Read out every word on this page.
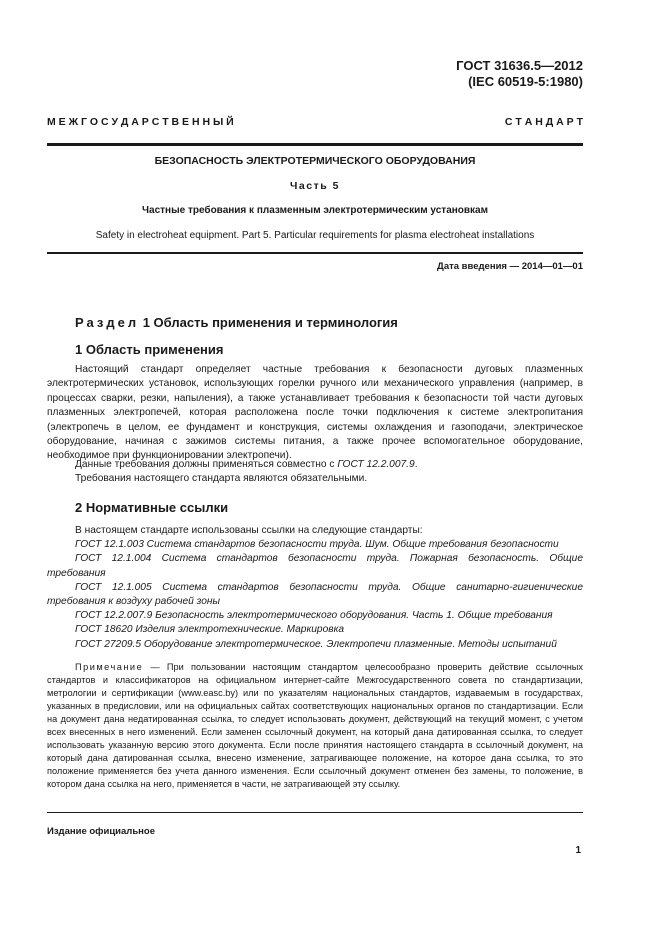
ГОСТ 31636.5—2012
(IEC 60519-5:1980)
М Е Ж Г О С У Д А Р С Т В Е Н Н Ы Й	С Т А Н Д А Р Т
БЕЗОПАСНОСТЬ ЭЛЕКТРОТЕРМИЧЕСКОГО ОБОРУДОВАНИЯ
Часть 5
Частные требования к плазменным электротермическим установкам
Safety in electroheat equipment. Part 5. Particular requirements for plasma electroheat installations
Дата введения — 2014—01—01
Раздел 1 Область применения и терминология
1 Область применения
Настоящий стандарт определяет частные требования к безопасности дуговых плазменных электротермических установок, использующих горелки ручного или механического управления (например, в процессах сварки, резки, напыления), а также устанавливает требования к безопасности той части дуговых плазменных электропечей, которая расположена после точки подключения к системе электропитания (электропечь в целом, ее фундамент и конструкция, системы охлаждения и газоподачи, электрическое оборудование, начиная с зажимов системы питания, а также прочее вспомогательное оборудование, необходимое при функционировании электропечи).
Данные требования должны применяться совместно с ГОСТ 12.2.007.9.
Требования настоящего стандарта являются обязательными.
2 Нормативные ссылки
В настоящем стандарте использованы ссылки на следующие стандарты:
ГОСТ 12.1.003 Система стандартов безопасности труда. Шум. Общие требования безопасности
ГОСТ 12.1.004 Система стандартов безопасности труда. Пожарная безопасность. Общие требования
ГОСТ 12.1.005 Система стандартов безопасности труда. Общие санитарно-гигиенические требования к воздуху рабочей зоны
ГОСТ 12.2.007.9 Безопасность электротермического оборудования. Часть 1. Общие требования
ГОСТ 18620 Изделия электротехнические. Маркировка
ГОСТ 27209.5 Оборудование электротермическое. Электропечи плазменные. Методы испытаний
Примечание — При пользовании настоящим стандартом целесообразно проверить действие ссылочных стандартов и классификаторов на официальном интернет-сайте Межгосударственного совета по стандартизации, метрологии и сертификации (www.easc.by) или по указателям национальных стандартов, издаваемым в государствах, указанных в предисловии, или на официальных сайтах соответствующих национальных органов по стандартизации. Если на документ дана недатированная ссылка, то следует использовать документ, действующий на текущий момент, с учетом всех внесенных в него изменений. Если заменен ссылочный документ, на который дана датированная ссылка, то следует использовать указанную версию этого документа. Если после принятия настоящего стандарта в ссылочный документ, на который дана датированная ссылка, внесено изменение, затрагивающее положение, на которое дана ссылка, то это положение применяется без учета данного изменения. Если ссылочный документ отменен без замены, то положение, в котором дана ссылка на него, применяется в части, не затрагивающей эту ссылку.
Издание официальное
1
